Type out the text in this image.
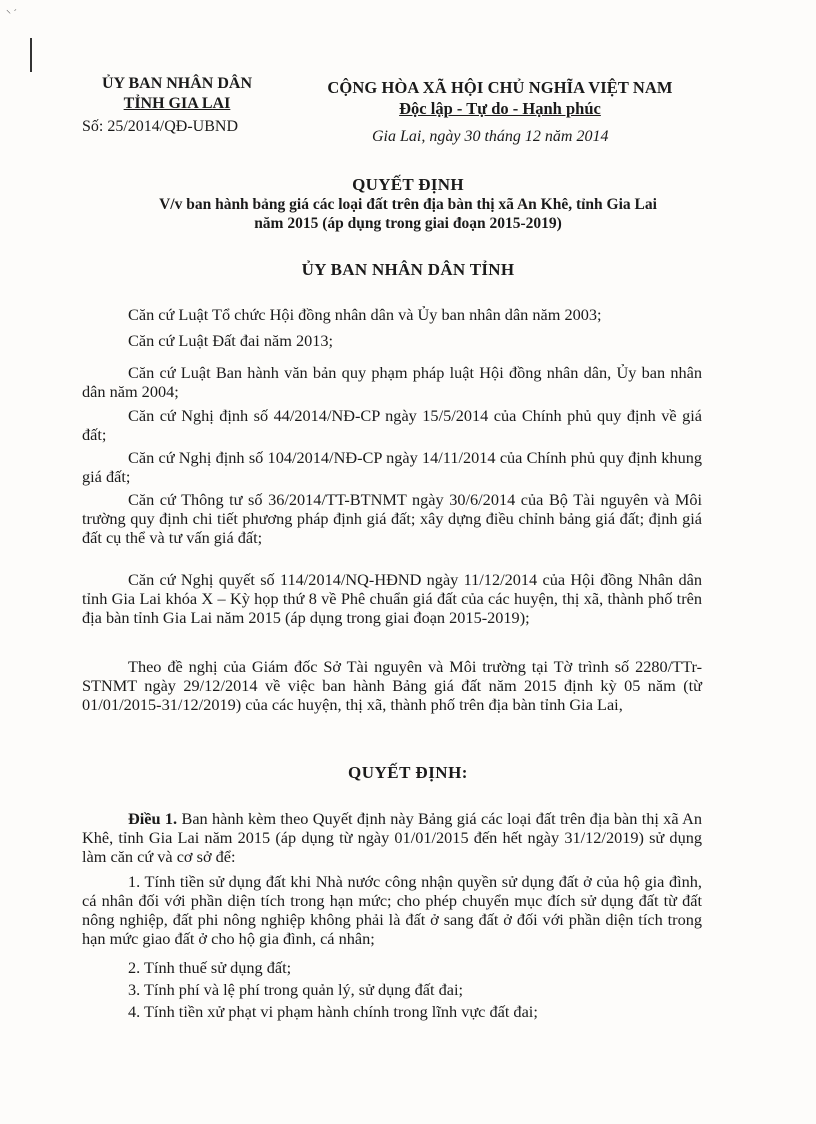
⸌ ˊ
ỦY BAN NHÂN DÂN
TỈNH GIA LAI
Số: 25/2014/QĐ-UBND
CỘNG HÒA XÃ HỘI CHỦ NGHĨA VIỆT NAM
Độc lập - Tự do - Hạnh phúc
Gia Lai, ngày 30 tháng 12 năm 2014
QUYẾT ĐỊNH
V/v ban hành bảng giá các loại đất trên địa bàn thị xã An Khê, tỉnh Gia Lai
năm 2015 (áp dụng trong giai đoạn 2015-2019)
ỦY BAN NHÂN DÂN TỈNH

Căn cứ Luật Tổ chức Hội đồng nhân dân và Ủy ban nhân dân năm 2003;

Căn cứ Luật Đất đai năm 2013;

Căn cứ Luật Ban hành văn bản quy phạm pháp luật Hội đồng nhân dân, Ủy ban nhân dân năm 2004;

Căn cứ Nghị định số 44/2014/NĐ-CP ngày 15/5/2014 của Chính phủ quy định về giá đất;

Căn cứ Nghị định số 104/2014/NĐ-CP ngày 14/11/2014 của Chính phủ quy định khung giá đất;

Căn cứ Thông tư số 36/2014/TT-BTNMT ngày 30/6/2014 của Bộ Tài nguyên và Môi trường quy định chi tiết phương pháp định giá đất; xây dựng điều chỉnh bảng giá đất; định giá đất cụ thể và tư vấn giá đất;

Căn cứ Nghị quyết số 114/2014/NQ-HĐND ngày 11/12/2014 của Hội đồng Nhân dân tỉnh Gia Lai khóa X – Kỳ họp thứ 8 về Phê chuẩn giá đất của các huyện, thị xã, thành phố trên địa bàn tỉnh Gia Lai năm 2015 (áp dụng trong giai đoạn 2015-2019);

Theo đề nghị của Giám đốc Sở Tài nguyên và Môi trường tại Tờ trình số 2280/TTr-STNMT ngày 29/12/2014 về việc ban hành Bảng giá đất năm 2015 định kỳ 05 năm (từ 01/01/2015-31/12/2019) của các huyện, thị xã, thành phố trên địa bàn tỉnh Gia Lai,

QUYẾT ĐỊNH:

Điều 1. Ban hành kèm theo Quyết định này Bảng giá các loại đất trên địa bàn thị xã An Khê, tỉnh Gia Lai năm 2015 (áp dụng từ ngày 01/01/2015 đến hết ngày 31/12/2019) sử dụng làm căn cứ và cơ sở để:

1. Tính tiền sử dụng đất khi Nhà nước công nhận quyền sử dụng đất ở của hộ gia đình, cá nhân đối với phần diện tích trong hạn mức; cho phép chuyển mục đích sử dụng đất từ đất nông nghiệp, đất phi nông nghiệp không phải là đất ở sang đất ở đối với phần diện tích trong hạn mức giao đất ở cho hộ gia đình, cá nhân;

2. Tính thuế sử dụng đất;

3. Tính phí và lệ phí trong quản lý, sử dụng đất đai;

4. Tính tiền xử phạt vi phạm hành chính trong lĩnh vực đất đai;
